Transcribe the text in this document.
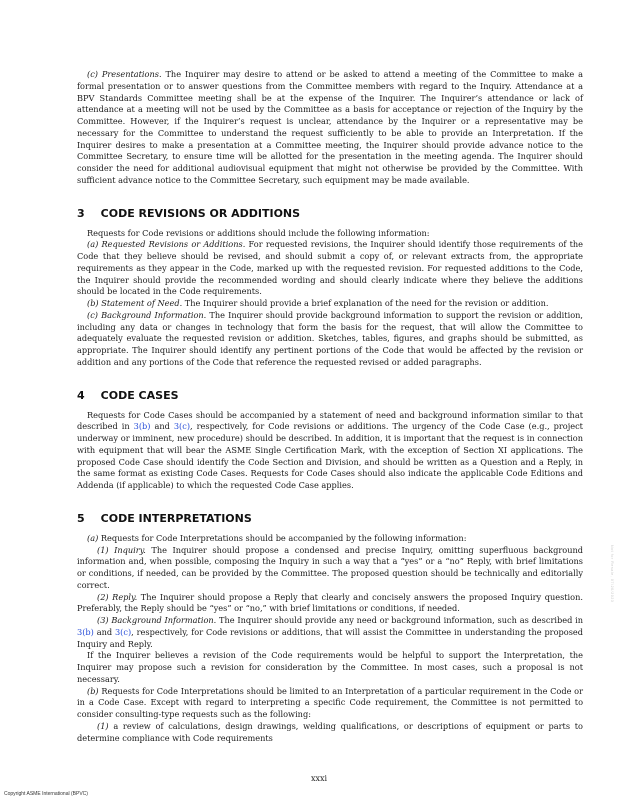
(c) Presentations. The Inquirer may desire to attend or be asked to attend a meeting of the Committee to make a formal presentation or to answer questions from the Committee members with regard to the Inquiry. Attendance at a BPV Standards Committee meeting shall be at the expense of the Inquirer. The Inquirer’s attendance or lack of attendance at a meeting will not be used by the Committee as a basis for acceptance or rejection of the Inquiry by the Committee. However, if the Inquirer’s request is unclear, attendance by the Inquirer or a representative may be necessary for the Committee to understand the request sufficiently to be able to provide an Interpretation. If the Inquirer desires to make a presentation at a Committee meeting, the Inquirer should provide advance notice to the Committee Secretary, to ensure time will be allotted for the presentation in the meeting agenda. The Inquirer should consider the need for additional audiovisual equipment that might not otherwise be provided by the Committee. With sufficient advance notice to the Committee Secretary, such equipment may be made available.

3 CODE REVISIONS OR ADDITIONS

Requests for Code revisions or additions should include the following information:

(a) Requested Revisions or Additions. For requested revisions, the Inquirer should identify those requirements of the Code that they believe should be revised, and should submit a copy of, or relevant extracts from, the appropriate requirements as they appear in the Code, marked up with the requested revision. For requested additions to the Code, the Inquirer should provide the recommended wording and should clearly indicate where they believe the additions should be located in the Code requirements.

(b) Statement of Need. The Inquirer should provide a brief explanation of the need for the revision or addition.

(c) Background Information. The Inquirer should provide background information to support the revision or addition, including any data or changes in technology that form the basis for the request, that will allow the Committee to adequately evaluate the requested revision or addition. Sketches, tables, figures, and graphs should be submitted, as appropriate. The Inquirer should identify any pertinent portions of the Code that would be affected by the revision or addition and any portions of the Code that reference the requested revised or added paragraphs.

4 CODE CASES

Requests for Code Cases should be accompanied by a statement of need and background information similar to that described in 3(b) and 3(c), respectively, for Code revisions or additions. The urgency of the Code Case (e.g., project underway or imminent, new procedure) should be described. In addition, it is important that the request is in connection with equipment that will bear the ASME Single Certification Mark, with the exception of Section XI applications. The proposed Code Case should identify the Code Section and Division, and should be written as a Question and a Reply, in the same format as existing Code Cases. Requests for Code Cases should also indicate the applicable Code Editions and Addenda (if applicable) to which the requested Code Case applies.

5 CODE INTERPRETATIONS

(a) Requests for Code Interpretations should be accompanied by the following information:

(1) Inquiry. The Inquirer should propose a condensed and precise Inquiry, omitting superfluous background information and, when possible, composing the Inquiry in such a way that a “yes” or a “no” Reply, with brief limitations or conditions, if needed, can be provided by the Committee. The proposed question should be technically and editorially correct.

(2) Reply. The Inquirer should propose a Reply that clearly and concisely answers the proposed Inquiry question. Preferably, the Reply should be “yes” or “no,” with brief limitations or conditions, if needed.

(3) Background Information. The Inquirer should provide any need or background information, such as described in 3(b) and 3(c), respectively, for Code revisions or additions, that will assist the Committee in understanding the proposed Inquiry and Reply.

If the Inquirer believes a revision of the Code requirements would be helpful to support the Interpretation, the Inquirer may propose such a revision for consideration by the Committee. In most cases, such a proposal is not necessary.

(b) Requests for Code Interpretations should be limited to an Interpretation of a particular requirement in the Code or in a Code Case. Except with regard to interpreting a specific Code requirement, the Committee is not permitted to consider consulting-type requests such as the following:

(1) a review of calculations, design drawings, welding qualifications, or descriptions of equipment or parts to determine compliance with Code requirements

xxxi
Copyright ASME International (BPVC)
Not for Resale, 07/20/2023
